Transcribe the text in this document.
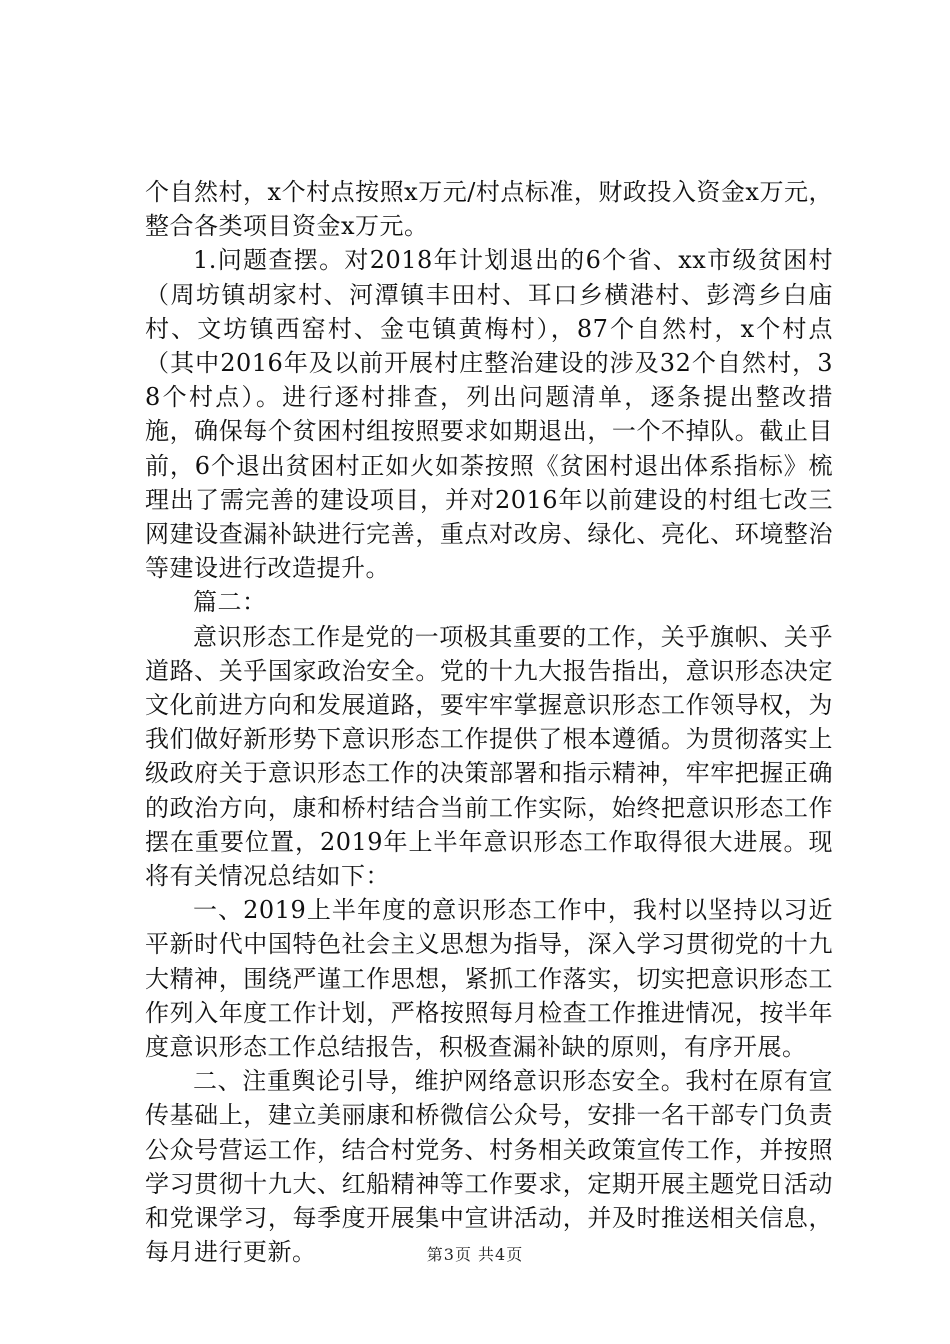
个自然村，x个村点按照x万元/村点标准，财政投入资金x万元，整合各类项目资金x万元。

1.问题查摆。对2018年计划退出的6个省、xx市级贫困村（周坊镇胡家村、河潭镇丰田村、耳口乡横港村、彭湾乡白庙村、文坊镇西窑村、金屯镇黄梅村），87个自然村，x个村点（其中2016年及以前开展村庄整治建设的涉及32个自然村，38个村点）。进行逐村排查，列出问题清单，逐条提出整改措施，确保每个贫困村组按照要求如期退出，一个不掉队。截止目前，6个退出贫困村正如火如荼按照《贫困村退出体系指标》梳理出了需完善的建设项目，并对2016年以前建设的村组七改三网建设查漏补缺进行完善，重点对改房、绿化、亮化、环境整治等建设进行改造提升。

篇二：

意识形态工作是党的一项极其重要的工作，关乎旗帜、关乎道路、关乎国家政治安全。党的十九大报告指出，意识形态决定文化前进方向和发展道路，要牢牢掌握意识形态工作领导权，为我们做好新形势下意识形态工作提供了根本遵循。为贯彻落实上级政府关于意识形态工作的决策部署和指示精神，牢牢把握正确的政治方向，康和桥村结合当前工作实际，始终把意识形态工作摆在重要位置，2019年上半年意识形态工作取得很大进展。现将有关情况总结如下：

一、2019上半年度的意识形态工作中，我村以坚持以习近平新时代中国特色社会主义思想为指导，深入学习贯彻党的十九大精神，围绕严谨工作思想，紧抓工作落实，切实把意识形态工作列入年度工作计划，严格按照每月检查工作推进情况，按半年度意识形态工作总结报告，积极查漏补缺的原则，有序开展。

二、注重舆论引导，维护网络意识形态安全。我村在原有宣传基础上，建立美丽康和桥微信公众号，安排一名干部专门负责公众号营运工作，结合村党务、村务相关政策宣传工作，并按照学习贯彻十九大、红船精神等工作要求，定期开展主题党日活动和党课学习，每季度开展集中宣讲活动，并及时推送相关信息，每月进行更新。	第3页 共4页
